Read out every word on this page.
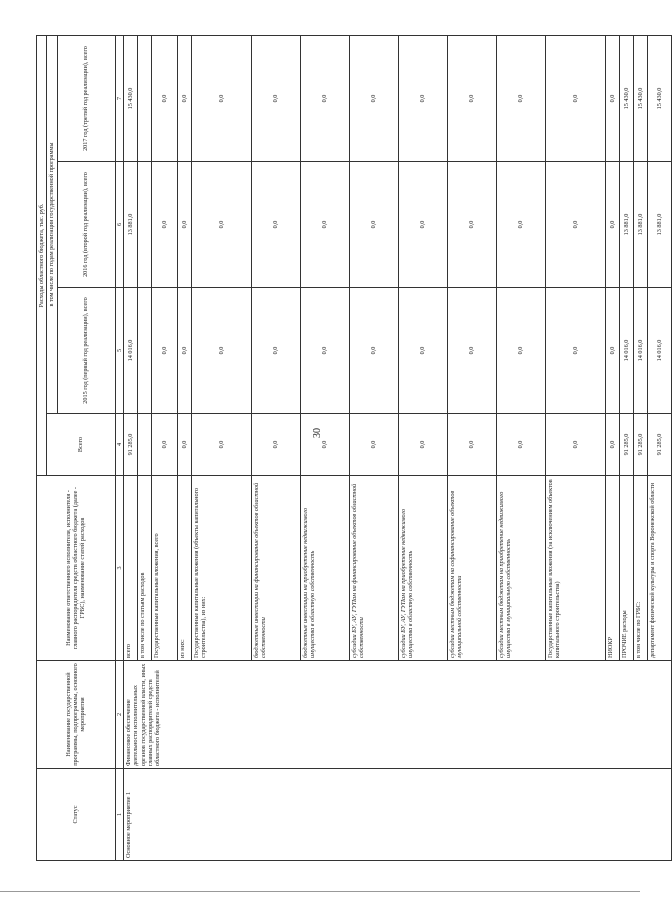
30
Статус	Наименование государственной программы, подпрограммы, основного мероприятия	Наименование ответственного исполнителя, исполнителя - главного распорядителя средств областного бюджета (далее - ГРБС), наименование статей расходов	Расходы областного бюджета, тыс. руб.			
			Всего	в том числе по годам реализации государственной программы		
				2015 год (первый год реализации), всего	2016 год (второй год реализации), всего	2017 год (третий год реализации), всего
1	2	3	4	5	6	7
Основное мероприятие 1	Финансовое обеспечение деятельности исполнительных органов государственной власти, иных главных распорядителей средств областного бюджета - исполнителей	всего	91 285,0	14 016,0	13 881,0	15 430,0
		в том числе по статьям расходов				
		Государственные капитальные вложения, всего	0,0	0,0	0,0	0,0
		из них:	0,0	0,0	0,0	0,0
		Государственные капитальные вложения (объекты капитального строительства), из них:	0,0	0,0	0,0	0,0
		бюджетные инвестиции на финансирование объектов областной собственности	0,0	0,0	0,0	0,0
		бюджетные инвестиции на приобретение недвижимого имущества в областную собственность	0,0	0,0	0,0	0,0
		субсидии БУ, АУ, ГУПам на финансирование объектов областной собственности	0,0	0,0	0,0	0,0
		субсидии БУ, АУ, ГУПам на приобретение недвижимого имущества в областную собственность	0,0	0,0	0,0	0,0
		субсидии местным бюджетам на софинансирование объектов муниципальной собственности	0,0	0,0	0,0	0,0
		субсидии местным бюджетам на приобретение недвижимого имущества в муниципальную собственность	0,0	0,0	0,0	0,0
		Государственные капитальные вложения (за исключением объектов капитального строительства)	0,0	0,0	0,0	0,0
		НИОКР	0,0	0,0	0,0	0,0
		ПРОЧИЕ расходы	91 285,0	14 016,0	13 881,0	15 430,0
		в том числе по ГРБС:	91 285,0	14 016,0	13 881,0	15 430,0
		департамент физической культуры и спорта Воронежской области	91 285,0	14 016,0	13 881,0	15 430,0
